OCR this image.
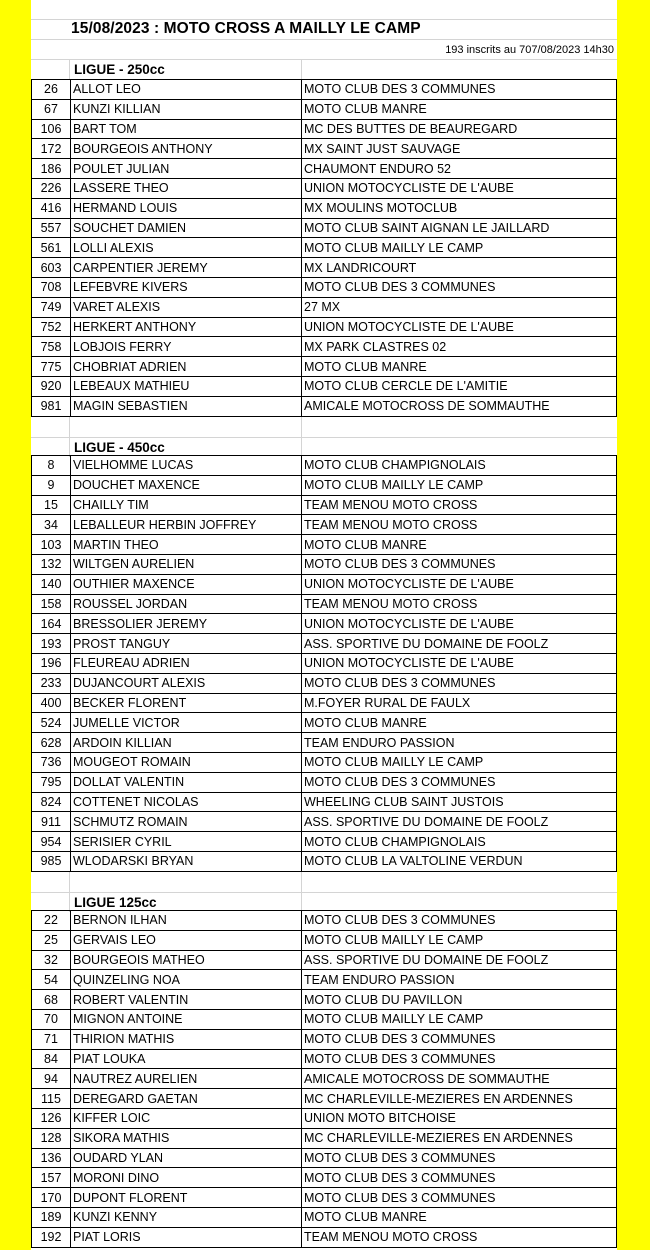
15/08/2023 : MOTO CROSS A MAILLY LE CAMP
193 inscrits au 707/08/2023 14h30
LIGUE - 250cc
26	ALLOT LEO	MOTO CLUB DES 3 COMMUNES
67	KUNZI KILLIAN	MOTO CLUB MANRE
106	BART TOM	MC DES BUTTES DE BEAUREGARD
172	BOURGEOIS ANTHONY	MX SAINT JUST SAUVAGE
186	POULET JULIAN	CHAUMONT ENDURO 52
226	LASSERE THEO	UNION MOTOCYCLISTE DE L'AUBE
416	HERMAND LOUIS	MX MOULINS MOTOCLUB
557	SOUCHET DAMIEN	MOTO CLUB SAINT AIGNAN LE JAILLARD
561	LOLLI ALEXIS	MOTO CLUB MAILLY LE CAMP
603	CARPENTIER JEREMY	MX LANDRICOURT
708	LEFEBVRE KIVERS	MOTO CLUB DES 3 COMMUNES
749	VARET ALEXIS	27 MX
752	HERKERT ANTHONY	UNION MOTOCYCLISTE DE L'AUBE
758	LOBJOIS FERRY	MX PARK CLASTRES 02
775	CHOBRIAT ADRIEN	MOTO CLUB MANRE
920	LEBEAUX MATHIEU	MOTO CLUB CERCLE DE L'AMITIE
981	MAGIN SEBASTIEN	AMICALE MOTOCROSS DE SOMMAUTHE
LIGUE - 450cc
8	VIELHOMME LUCAS	MOTO CLUB CHAMPIGNOLAIS
9	DOUCHET MAXENCE	MOTO CLUB MAILLY LE CAMP
15	CHAILLY TIM	TEAM MENOU MOTO CROSS
34	LEBALLEUR HERBIN JOFFREY	TEAM MENOU MOTO CROSS
103	MARTIN THEO	MOTO CLUB MANRE
132	WILTGEN AURELIEN	MOTO CLUB DES 3 COMMUNES
140	OUTHIER MAXENCE	UNION MOTOCYCLISTE DE L'AUBE
158	ROUSSEL JORDAN	TEAM MENOU MOTO CROSS
164	BRESSOLIER JEREMY	UNION MOTOCYCLISTE DE L'AUBE
193	PROST TANGUY	ASS. SPORTIVE DU DOMAINE DE FOOLZ
196	FLEUREAU ADRIEN	UNION MOTOCYCLISTE DE L'AUBE
233	DUJANCOURT ALEXIS	MOTO CLUB DES 3 COMMUNES
400	BECKER FLORENT	M.FOYER RURAL DE FAULX
524	JUMELLE VICTOR	MOTO CLUB MANRE
628	ARDOIN KILLIAN	TEAM ENDURO PASSION
736	MOUGEOT ROMAIN	MOTO CLUB MAILLY LE CAMP
795	DOLLAT VALENTIN	MOTO CLUB DES 3 COMMUNES
824	COTTENET NICOLAS	WHEELING CLUB SAINT JUSTOIS
911	SCHMUTZ ROMAIN	ASS. SPORTIVE DU DOMAINE DE FOOLZ
954	SERISIER CYRIL	MOTO CLUB CHAMPIGNOLAIS
985	WLODARSKI BRYAN	MOTO CLUB LA VALTOLINE VERDUN
LIGUE 125cc
22	BERNON ILHAN	MOTO CLUB DES 3 COMMUNES
25	GERVAIS LEO	MOTO CLUB MAILLY LE CAMP
32	BOURGEOIS MATHEO	ASS. SPORTIVE DU DOMAINE DE FOOLZ
54	QUINZELING NOA	TEAM ENDURO PASSION
68	ROBERT VALENTIN	MOTO CLUB DU PAVILLON
70	MIGNON ANTOINE	MOTO CLUB MAILLY LE CAMP
71	THIRION MATHIS	MOTO CLUB DES 3 COMMUNES
84	PIAT LOUKA	MOTO CLUB DES 3 COMMUNES
94	NAUTREZ AURELIEN	AMICALE MOTOCROSS DE SOMMAUTHE
115	DEREGARD GAETAN	MC CHARLEVILLE-MEZIERES EN ARDENNES
126	KIFFER LOIC	UNION MOTO BITCHOISE
128	SIKORA MATHIS	MC CHARLEVILLE-MEZIERES EN ARDENNES
136	OUDARD YLAN	MOTO CLUB DES 3 COMMUNES
157	MORONI DINO	MOTO CLUB DES 3 COMMUNES
170	DUPONT FLORENT	MOTO CLUB DES 3 COMMUNES
189	KUNZI KENNY	MOTO CLUB MANRE
192	PIAT LORIS	TEAM MENOU MOTO CROSS
